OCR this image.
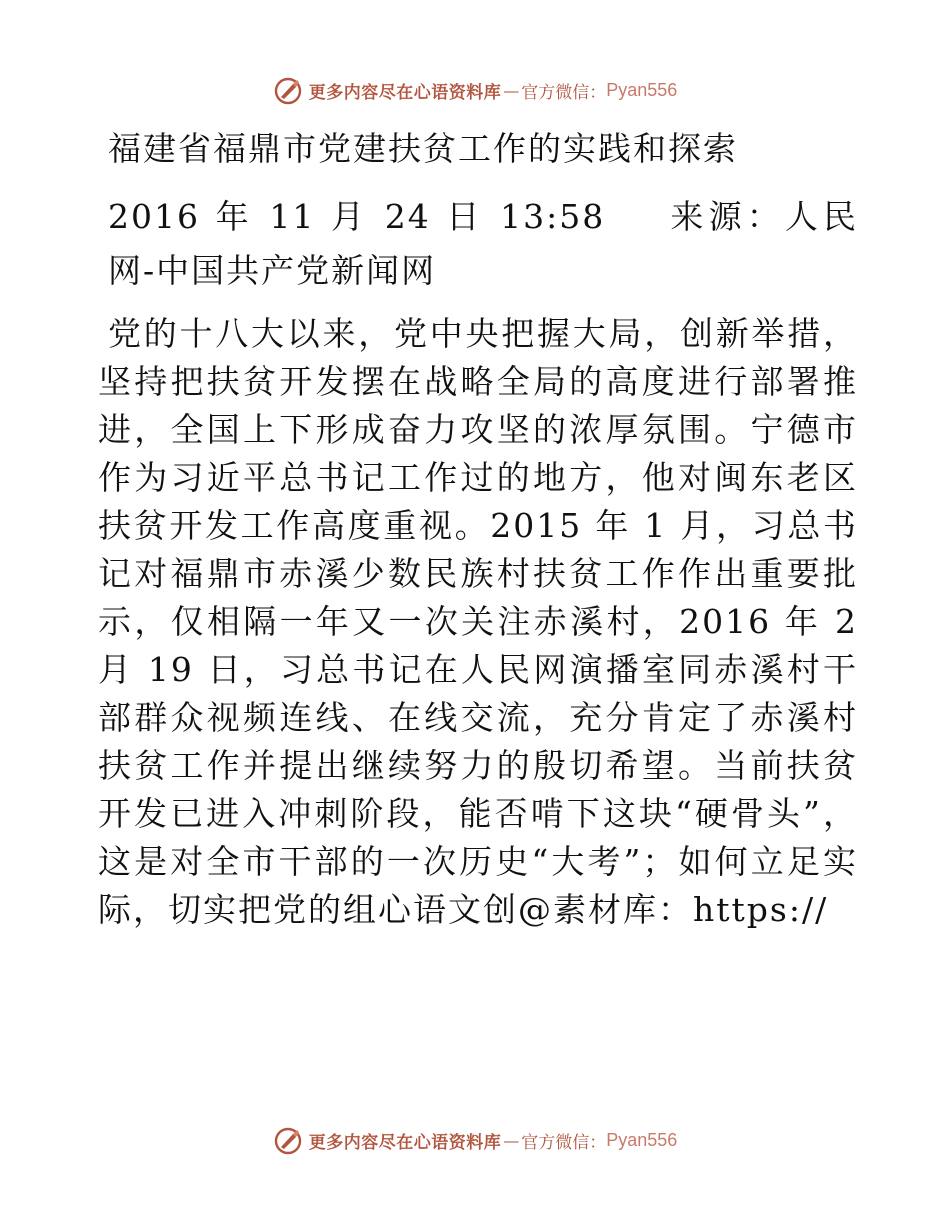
更多内容尽在心语资料库 — 官方微信： Pyan556
福建省福鼎市党建扶贫工作的实践和探索

2016 年 11 月 24 日 13:58 来源：人民网-中国共产党新闻网

党的十八大以来，党中央把握大局，创新举措，坚持把扶贫开发摆在战略全局的高度进行部署推进，全国上下形成奋力攻坚的浓厚氛围。宁德市作为习近平总书记工作过的地方，他对闽东老区扶贫开发工作高度重视。2015 年 1 月，习总书记对福鼎市赤溪少数民族村扶贫工作作出重要批示，仅相隔一年又一次关注赤溪村，2016 年 2 月 19 日，习总书记在人民网演播室同赤溪村干部群众视频连线、在线交流，充分肯定了赤溪村扶贫工作并提出继续努力的殷切希望。当前扶贫开发已进入冲刺阶段，能否啃下这块“硬骨头”，这是对全市干部的一次历史“大考”；如何立足实际，切实把党的组心语文创@素材库：https://

更多内容尽在心语资料库 — 官方微信： Pyan556
